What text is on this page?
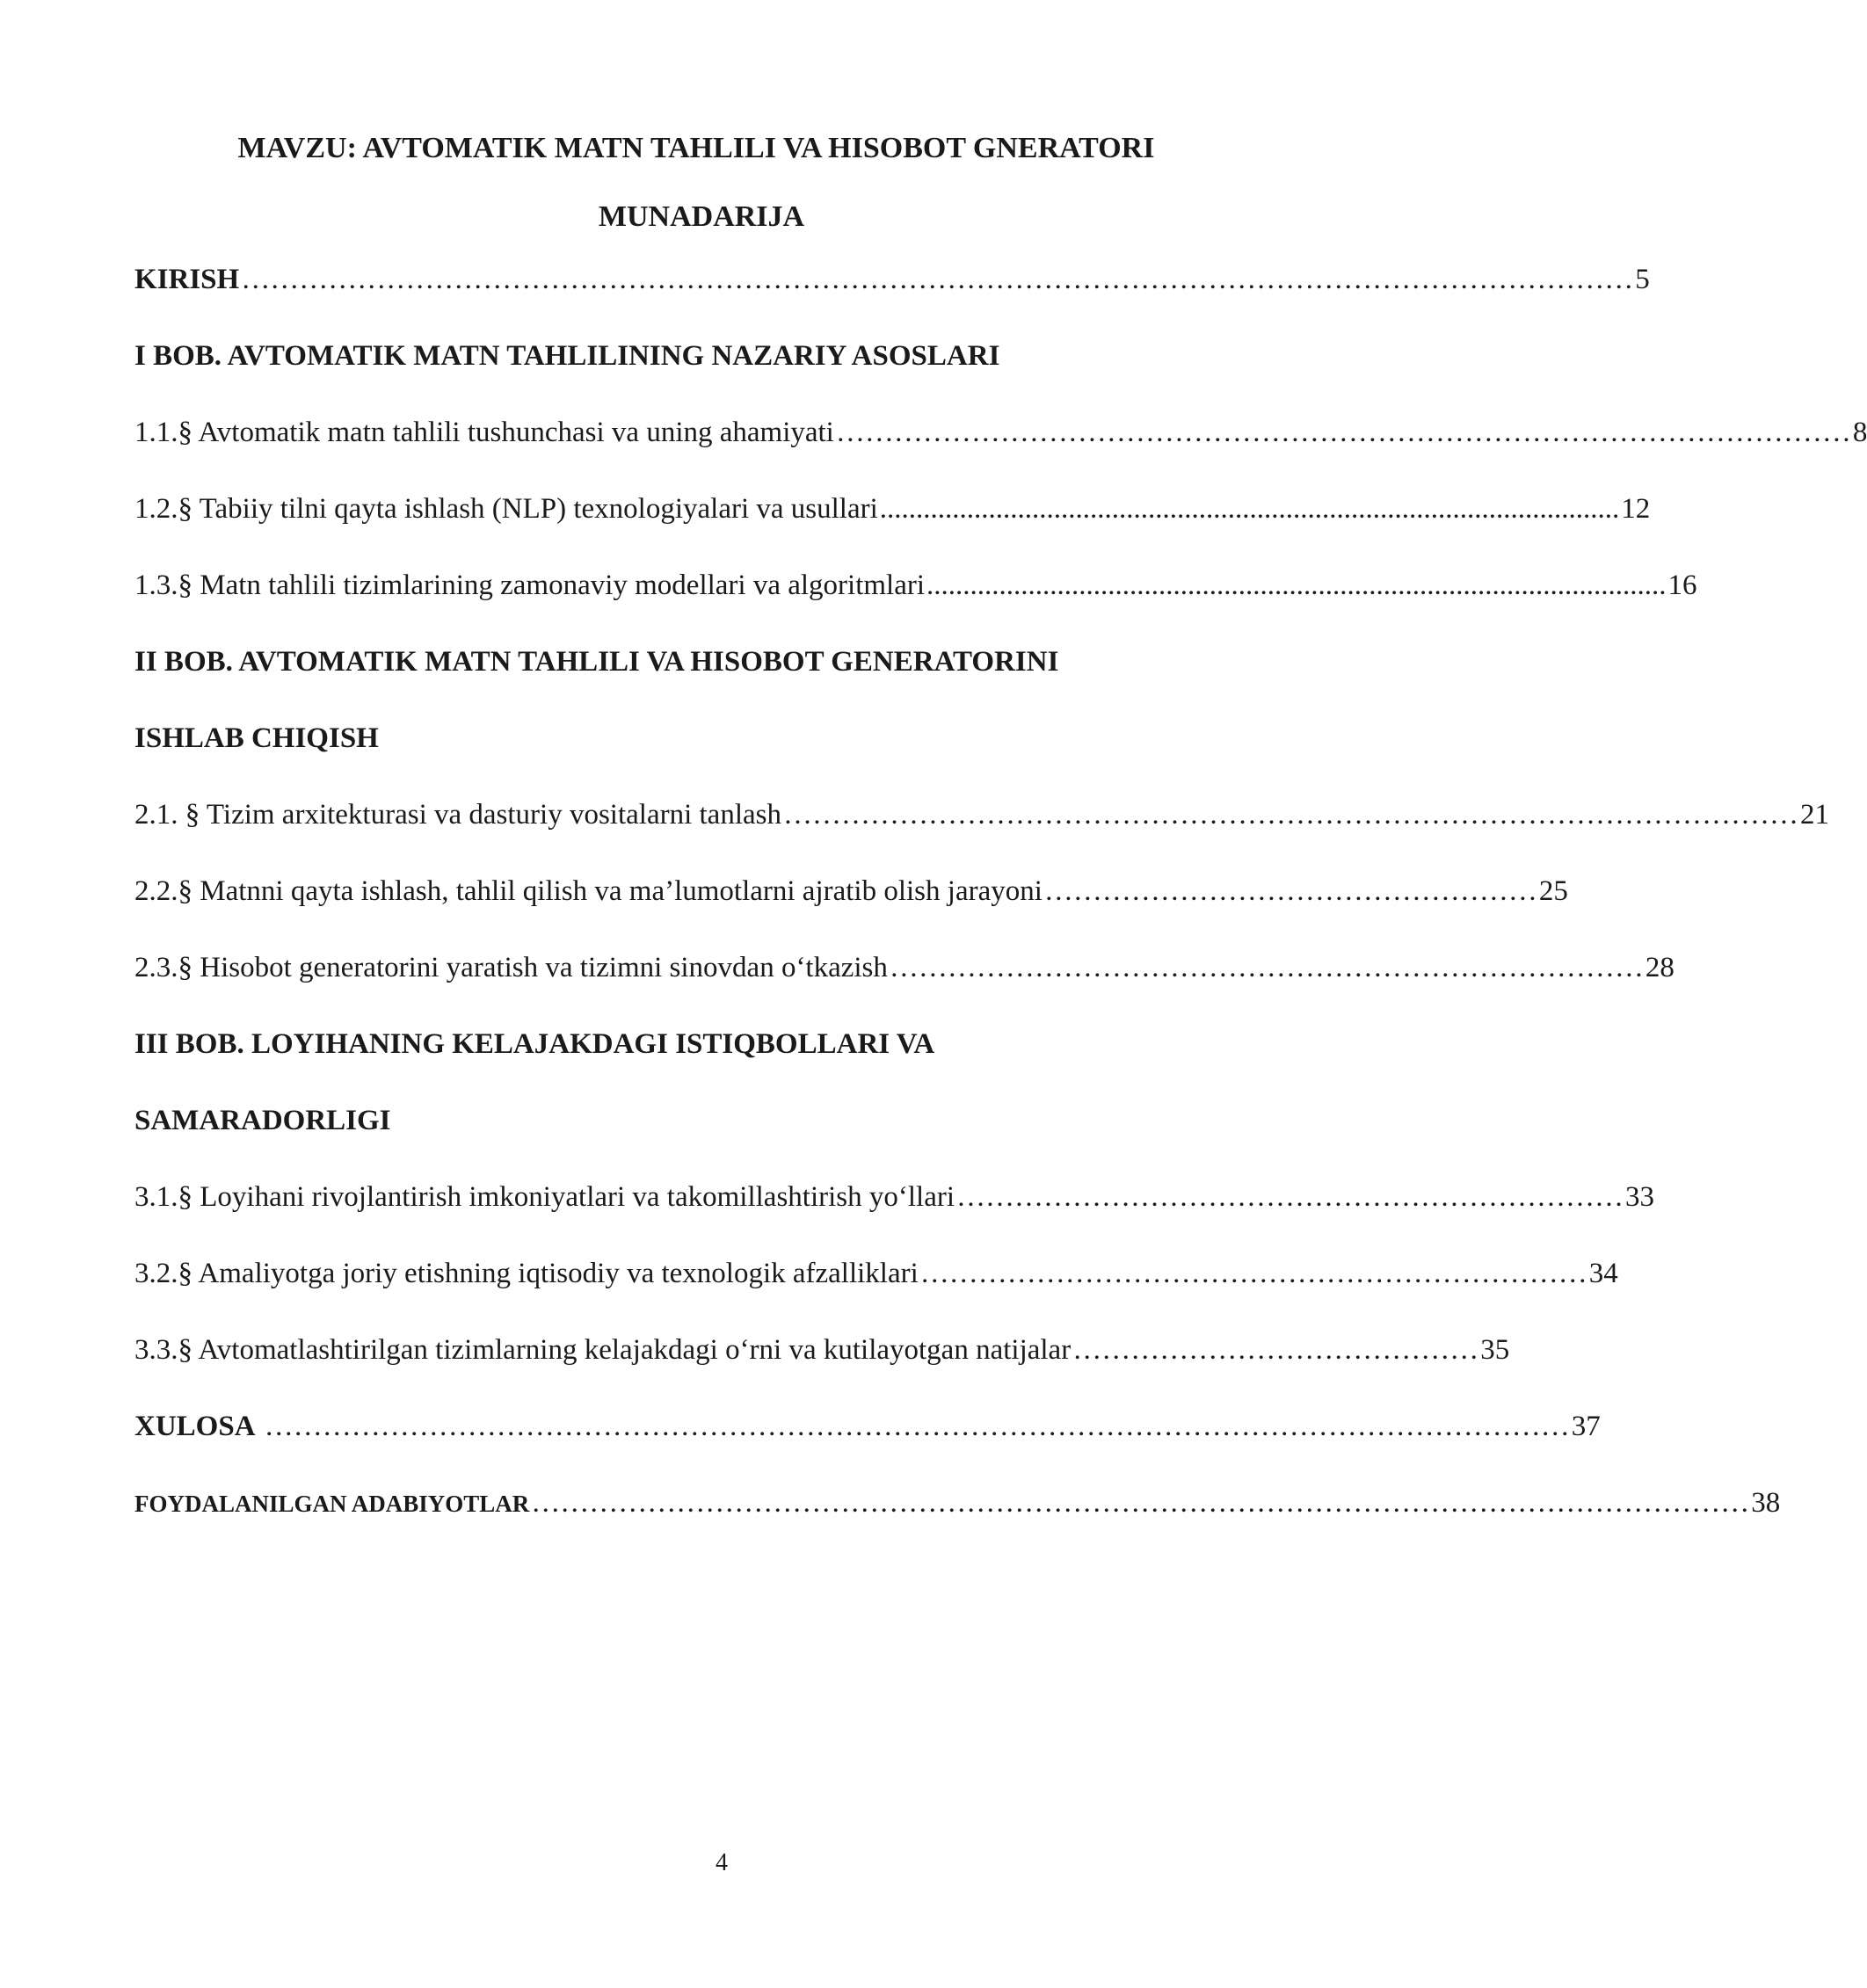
MAVZU: AVTOMATIK MATN TAHLILI VA HISOBOT GNERATORI
MUNADARIJA
KIRISH ……………………………………………………………………………………………………………………………… 5
I BOB. AVTOMATIK MATN TAHLILINING NAZARIY ASOSLARI
1.1.§ Avtomatik matn tahlili tushunchasi va uning ahamiyati …………………………………………………………………………………………… 8
1.2.§ Tabiiy tilni qayta ishlash (NLP) texnologiyalari va usullari ...................................................................................................... 12
1.3.§ Matn tahlili tizimlarining zamonaviy modellari va algoritmlari ...................................................................................................... 16
II BOB. AVTOMATIK MATN TAHLILI VA HISOBOT GENERATORINI
ISHLAB CHIQISH
2.1. § Tizim arxitekturasi va dasturiy vositalarni tanlash …………………………………………………………………………………………… 21
2.2.§ Matnni qayta ishlash, tahlil qilish va ma’lumotlarni ajratib olish jarayoni …………………………………………… 25
2.3.§ Hisobot generatorini yaratish va tizimni sinovdan o‘tkazish …………………………………………………………………… 28
III BOB. LOYIHANING KELAJAKDAGI ISTIQBOLLARI VA
SAMARADORLIGI
3.1.§ Loyihani rivojlantirish imkoniyatlari va takomillashtirish yo‘llari …………………………………………………………… 33
3.2.§ Amaliyotga joriy etishning iqtisodiy va texnologik afzalliklari …………………………………………………………… 34
3.3.§ Avtomatlashtirilgan tizimlarning kelajakdagi o‘rni va kutilayotgan natijalar …………………………………… 35
XULOSA ……………………………………………………………………………………………………………………… 37
FOYDALANILGAN ADABIYOTLAR ……………………………………………………………………………………………………………… 38
4
